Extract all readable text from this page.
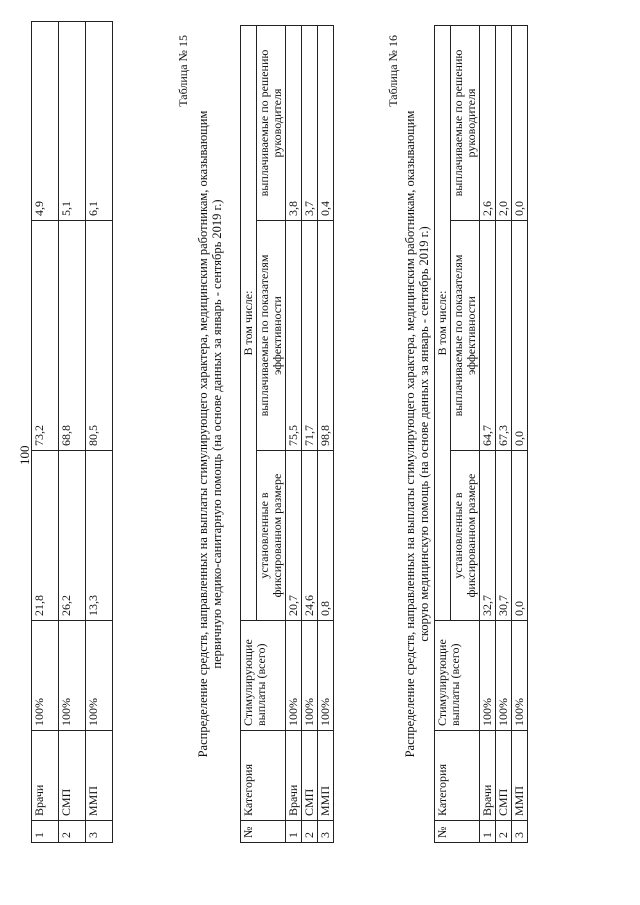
100
1	Врачи	100%	21,8	73,2	4,9
2	СМП	100%	26,2	68,8	5,1
3	ММП	100%	13,3	80,5	6,1
Таблица № 15
Распределение средств, направленных на выплаты стимулирующего характера, медицинским работникам, оказывающим первичную медико-санитарную помощь (на основе данных за январь - сентябрь 2019 г.)
№	Категория	Стимулирующие выплаты (всего)	В том числе:		
			установленные в фиксированном размере	выплачиваемые по показателям эффективности	выплачиваемые по решению руководителя
1	Врачи	100%	20,7	75,5	3,8
2	СМП	100%	24,6	71,7	3,7
3	ММП	100%	0,8	98,8	0,4
Таблица № 16
Распределение средств, направленных на выплаты стимулирующего характера, медицинским работникам, оказывающим скорую медицинскую помощь (на основе данных за январь - сентябрь 2019 г.)
№	Категория	Стимулирующие выплаты (всего)	В том числе:		
			установленные в фиксированном размере	выплачиваемые по показателям эффективности	выплачиваемые по решению руководителя
1	Врачи	100%	32,7	64,7	2,6
2	СМП	100%	30,7	67,3	2,0
3	ММП	100%	0,0	0,0	0,0
